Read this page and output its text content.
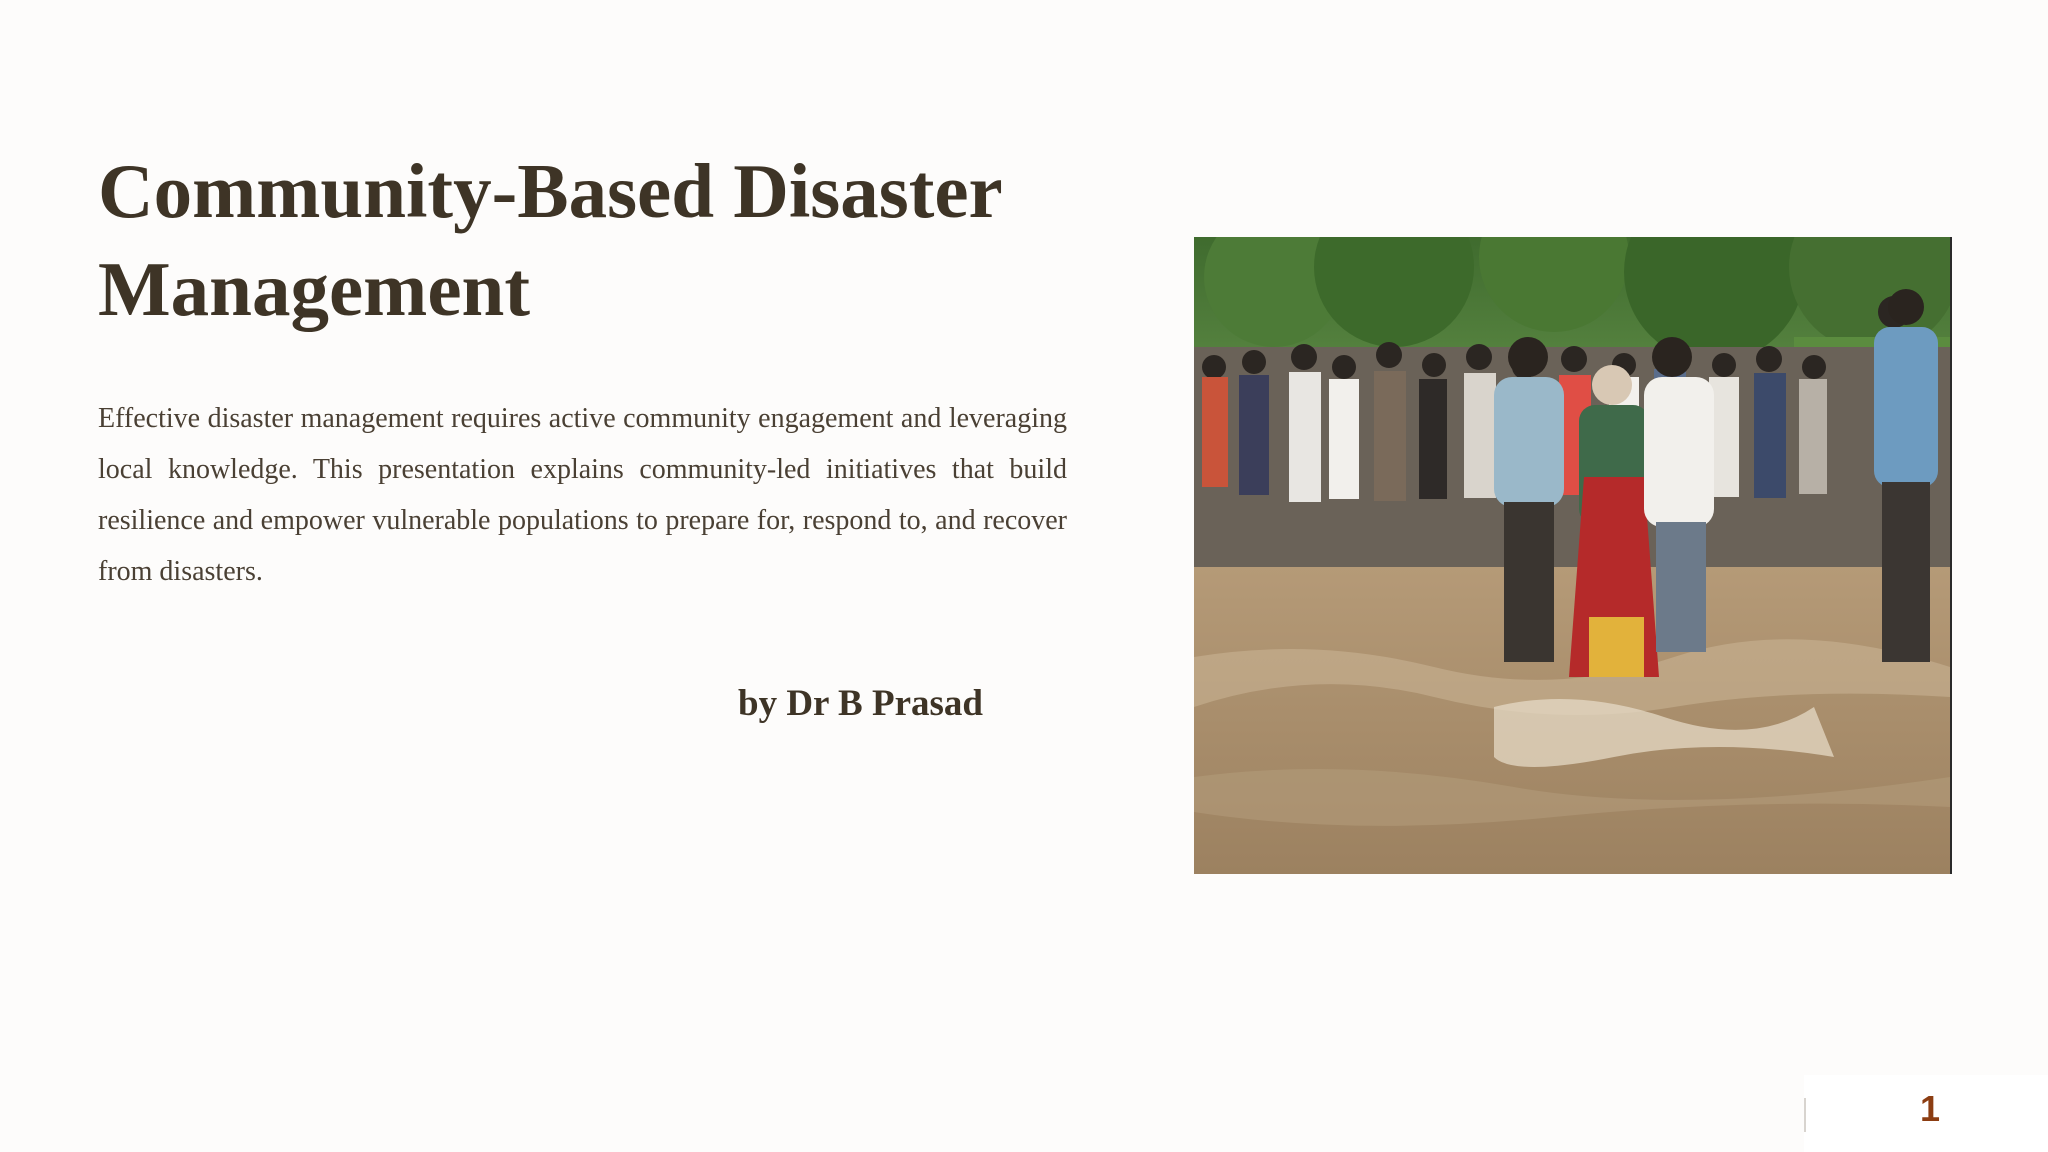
Community-Based Disaster Management

Effective disaster management requires active community engagement and leveraging local knowledge. This presentation explains community-led initiatives that build resilience and empower vulnerable populations to prepare for, respond to, and recover from disasters.

by Dr B Prasad

1
